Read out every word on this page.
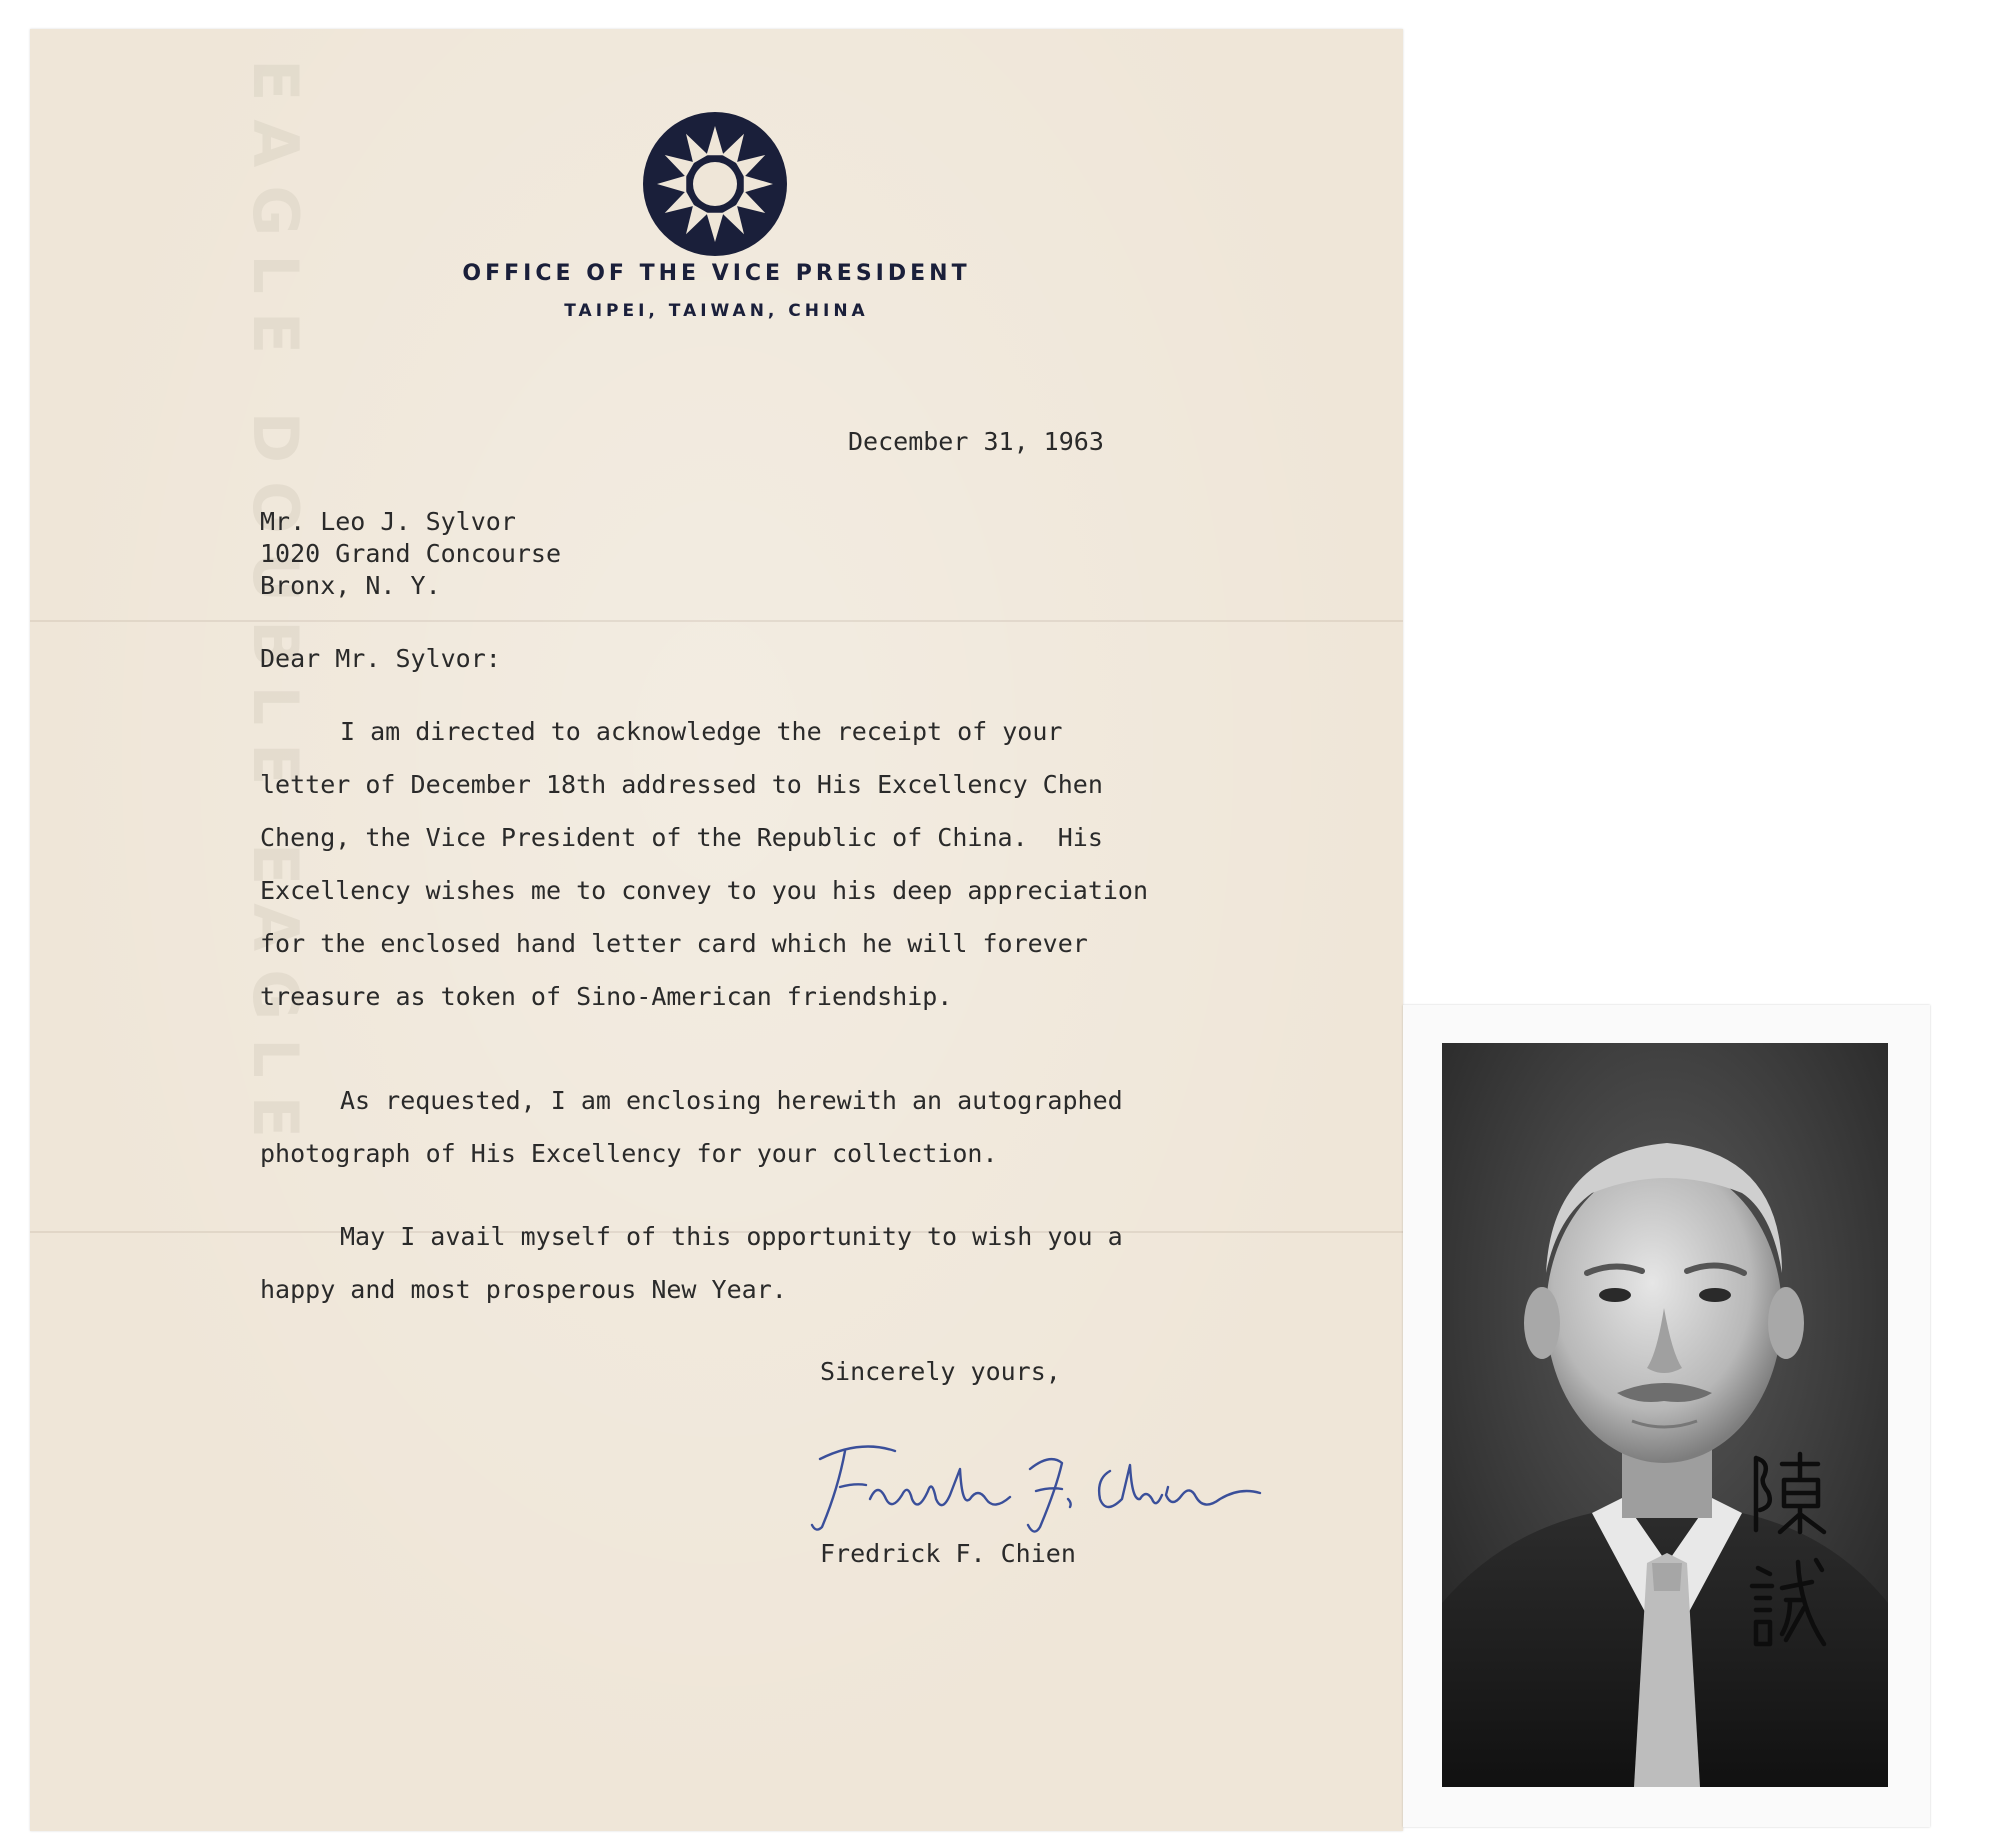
EAGLE DOUBLE EAGLE	OFFICE OF THE VICE PRESIDENT
TAIPEI, TAIWAN, CHINA
December 31, 1963
Mr. Leo J. Sylvor
1020 Grand Concourse
Bronx, N. Y.
Dear Mr. Sylvor:
I am directed to acknowledge the receipt of your
letter of December 18th addressed to His Excellency Chen
Cheng, the Vice President of the Republic of China.  His
Excellency wishes me to convey to you his deep appreciation
for the enclosed hand letter card which he will forever
treasure as token of Sino-American friendship.
As requested, I am enclosing herewith an autographed
photograph of His Excellency for your collection.
May I avail myself of this opportunity to wish you a
happy and most prosperous New Year.
Sincerely yours,
Fredrick F. Chien
